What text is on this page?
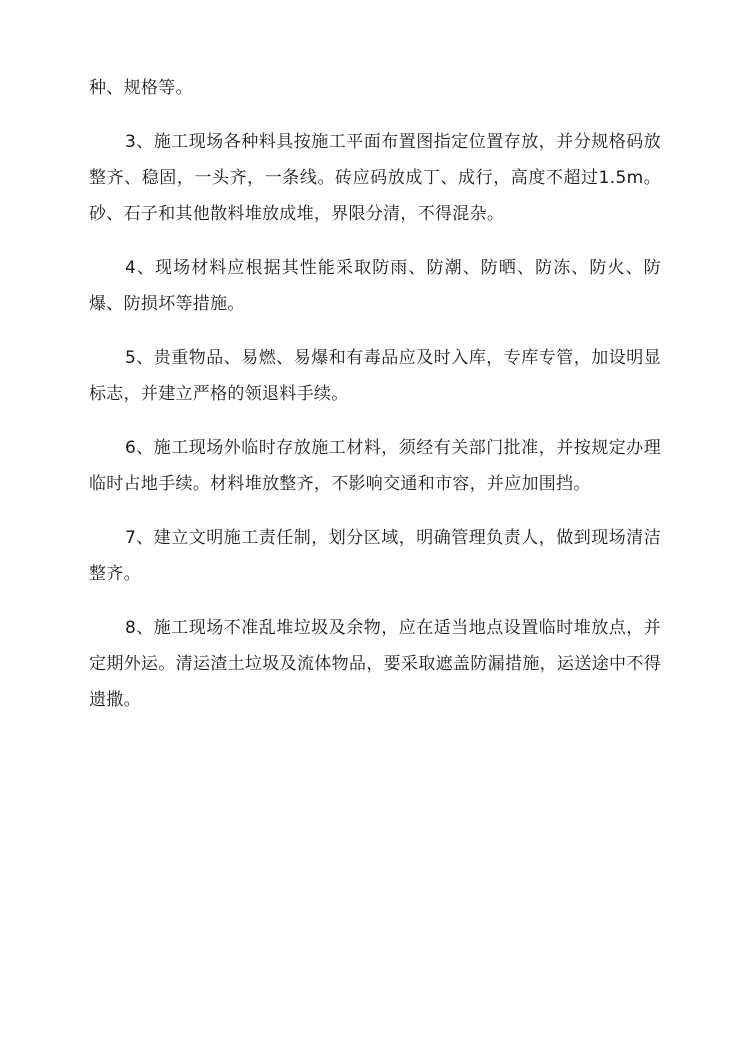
种、规格等。

3、施工现场各种料具按施工平面布置图指定位置存放，并分规格码放整齐、稳固，一头齐，一条线。砖应码放成丁、成行，高度不超过1.5m。砂、石子和其他散料堆放成堆，界限分清，不得混杂。

4、现场材料应根据其性能采取防雨、防潮、防晒、防冻、防火、防爆、防损坏等措施。

5、贵重物品、易燃、易爆和有毒品应及时入库，专库专管，加设明显标志，并建立严格的领退料手续。

6、施工现场外临时存放施工材料，须经有关部门批准，并按规定办理临时占地手续。材料堆放整齐，不影响交通和市容，并应加围挡。

7、建立文明施工责任制，划分区域，明确管理负责人，做到现场清洁整齐。

8、施工现场不准乱堆垃圾及余物，应在适当地点设置临时堆放点，并定期外运。清运渣土垃圾及流体物品，要采取遮盖防漏措施，运送途中不得遗撒。
